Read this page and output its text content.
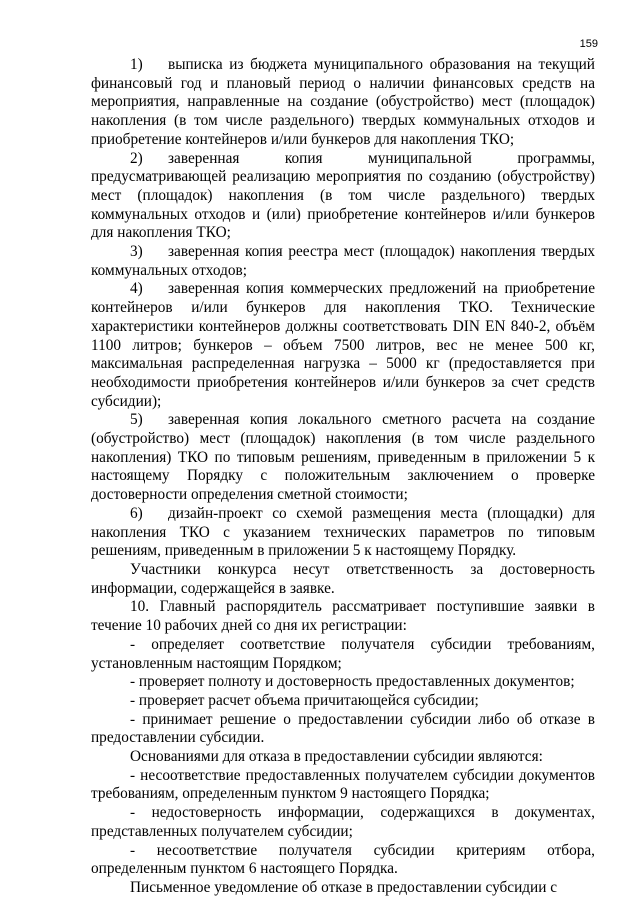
159

1) выписка из бюджета муниципального образования на текущий финансовый год и плановый период о наличии финансовых средств на мероприятия, направленные на создание (обустройство) мест (площадок) накопления (в том числе раздельного) твердых коммунальных отходов и приобретение контейнеров и/или бункеров для накопления ТКО;

2) заверенная копия муниципальной программы, предусматривающей реализацию мероприятия по созданию (обустройству) мест (площадок) накопления (в том числе раздельного) твердых коммунальных отходов и (или) приобретение контейнеров и/или бункеров для накопления ТКО;

3) заверенная копия реестра мест (площадок) накопления твердых коммунальных отходов;

4) заверенная копия коммерческих предложений на приобретение контейнеров и/или бункеров для накопления ТКО. Технические характеристики контейнеров должны соответствовать DIN EN 840-2, объём 1100 литров; бункеров – объем 7500 литров, вес не менее 500 кг, максимальная распределенная нагрузка – 5000 кг (предоставляется при необходимости приобретения контейнеров и/или бункеров за счет средств субсидии);

5) заверенная копия локального сметного расчета на создание (обустройство) мест (площадок) накопления (в том числе раздельного накопления) ТКО по типовым решениям, приведенным в приложении 5 к настоящему Порядку с положительным заключением о проверке достоверности определения сметной стоимости;

6) дизайн-проект со схемой размещения места (площадки) для накопления ТКО с указанием технических параметров по типовым решениям, приведенным в приложении 5 к настоящему Порядку.

Участники конкурса несут ответственность за достоверность информации, содержащейся в заявке.

10. Главный распорядитель рассматривает поступившие заявки в течение 10 рабочих дней со дня их регистрации:

- определяет соответствие получателя субсидии требованиям, установленным настоящим Порядком;

- проверяет полноту и достоверность предоставленных документов;

- проверяет расчет объема причитающейся субсидии;

- принимает решение о предоставлении субсидии либо об отказе в предоставлении субсидии.

Основаниями для отказа в предоставлении субсидии являются:

- несоответствие предоставленных получателем субсидии документов требованиям, определенным пунктом 9 настоящего Порядка;

- недостоверность информации, содержащихся в документах, представленных получателем субсидии;

- несоответствие получателя субсидии критериям отбора, определенным пунктом 6 настоящего Порядка.

Письменное уведомление об отказе в предоставлении субсидии с
